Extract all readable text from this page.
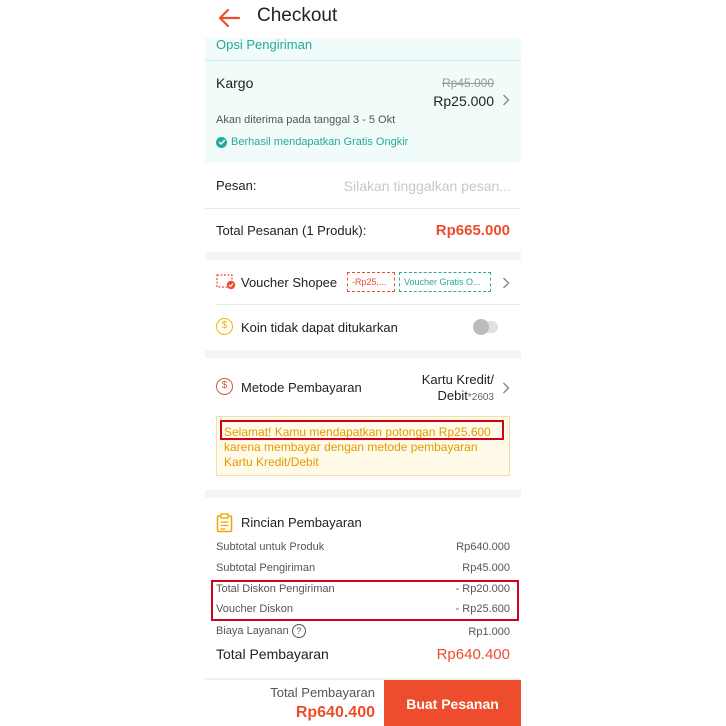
Checkout
Opsi Pengiriman
Kargo	Rp45.000
Rp25.000
Akan diterima pada tanggal 3 - 5 Okt
Berhasil mendapatkan Gratis Ongkir
Pesan:
Silakan tinggalkan pesan...
Total Pesanan (1 Produk):	Rp665.000
Voucher Shopee	-Rp25,...	Voucher Gratis O...
$	Koin tidak dapat ditukarkan
$	Metode Pembayaran
Kartu Kredit/
Debit*2603
Selamat! Kamu mendapatkan potongan Rp25.600 karena membayar dengan metode pembayaran Kartu Kredit/Debit
Rincian Pembayaran
Subtotal untuk Produk	Rp640.000
Subtotal Pengiriman	Rp45.000
Total Diskon Pengiriman	- Rp20.000
Voucher Diskon	- Rp25.600
Biaya Layanan ?	Rp1.000
Total Pembayaran	Rp640.400
Total Pembayaran
Rp640.400
Buat Pesanan
